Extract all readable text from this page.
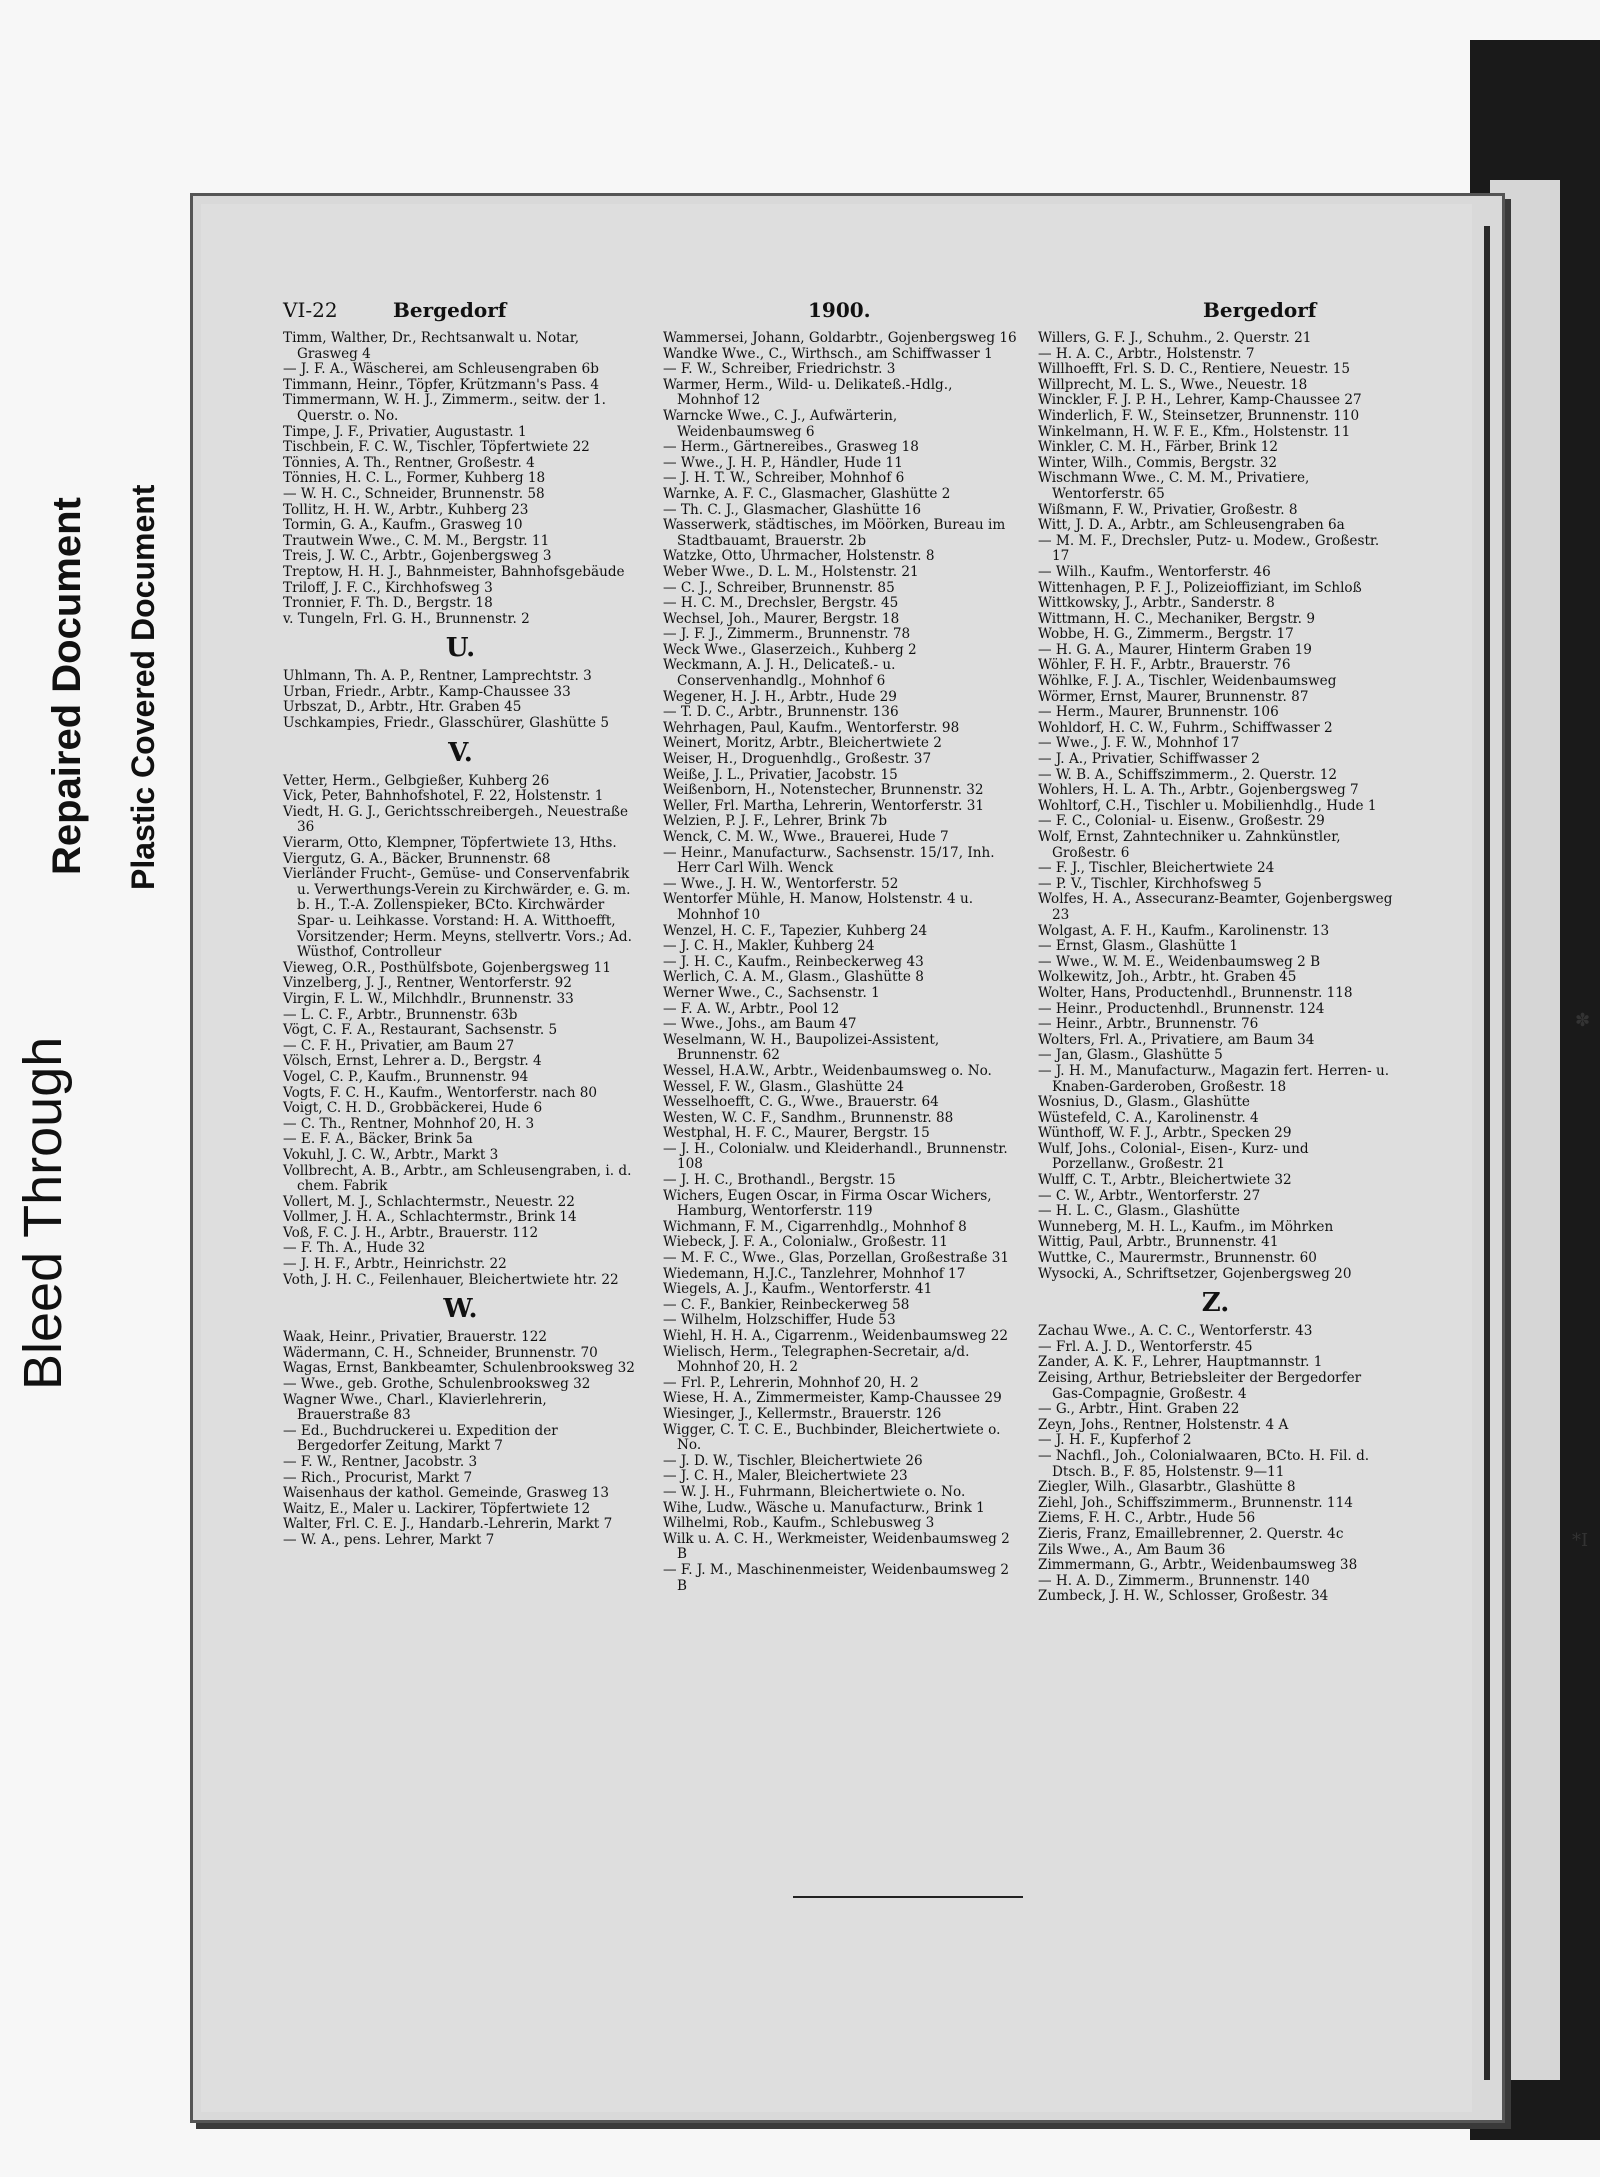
Bleed Through
Repaired Document Plastic Covered Document
✽
*I
VI-22	Bergedorf	1900.	Bergedorf

Timm, Walther, Dr., Rechtsanwalt u. Notar, Grasweg 4

— J. F. A., Wäscherei, am Schleusengraben 6b

Timmann, Heinr., Töpfer, Krützmann's Pass. 4

Timmermann, W. H. J., Zimmerm., seitw. der 1. Querstr. o. No.

Timpe, J. F., Privatier, Augustastr. 1

Tischbein, F. C. W., Tischler, Töpfertwiete 22

Tönnies, A. Th., Rentner, Großestr. 4

Tönnies, H. C. L., Former, Kuhberg 18

— W. H. C., Schneider, Brunnenstr. 58

Tollitz, H. H. W., Arbtr., Kuhberg 23

Tormin, G. A., Kaufm., Grasweg 10

Trautwein Wwe., C. M. M., Bergstr. 11

Treis, J. W. C., Arbtr., Gojenbergsweg 3

Treptow, H. H. J., Bahnmeister, Bahnhofsgebäude

Triloff, J. F. C., Kirchhofsweg 3

Tronnier, F. Th. D., Bergstr. 18

v. Tungeln, Frl. G. H., Brunnenstr. 2

U.

Uhlmann, Th. A. P., Rentner, Lamprechtstr. 3

Urban, Friedr., Arbtr., Kamp-Chaussee 33

Urbszat, D., Arbtr., Htr. Graben 45

Uschkampies, Friedr., Glasschürer, Glashütte 5

V.

Vetter, Herm., Gelbgießer, Kuhberg 26

Vick, Peter, Bahnhofshotel, F. 22, Holstenstr. 1

Viedt, H. G. J., Gerichtsschreibergeh., Neuestraße 36

Vierarm, Otto, Klempner, Töpfertwiete 13, Hths.

Viergutz, G. A., Bäcker, Brunnenstr. 68

Vierländer Frucht-, Gemüse- und Conservenfabrik u. Verwerthungs-Verein zu Kirchwärder, e. G. m. b. H., T.-A. Zollenspieker, BCto. Kirchwärder Spar- u. Leihkasse. Vorstand: H. A. Witthoefft, Vorsitzender; Herm. Meyns, stellvertr. Vors.; Ad. Wüsthof, Controlleur

Vieweg, O.R., Posthülfsbote, Gojenbergsweg 11

Vinzelberg, J. J., Rentner, Wentorferstr. 92

Virgin, F. L. W., Milchhdlr., Brunnenstr. 33

— L. C. F., Arbtr., Brunnenstr. 63b

Vögt, C. F. A., Restaurant, Sachsenstr. 5

— C. F. H., Privatier, am Baum 27

Völsch, Ernst, Lehrer a. D., Bergstr. 4

Vogel, C. P., Kaufm., Brunnenstr. 94

Vogts, F. C. H., Kaufm., Wentorferstr. nach 80

Voigt, C. H. D., Grobbäckerei, Hude 6

— C. Th., Rentner, Mohnhof 20, H. 3

— E. F. A., Bäcker, Brink 5a

Vokuhl, J. C. W., Arbtr., Markt 3

Vollbrecht, A. B., Arbtr., am Schleusengraben, i. d. chem. Fabrik

Vollert, M. J., Schlachtermstr., Neuestr. 22

Vollmer, J. H. A., Schlachtermstr., Brink 14

Voß, F. C. J. H., Arbtr., Brauerstr. 112

— F. Th. A., Hude 32

— J. H. F., Arbtr., Heinrichstr. 22

Voth, J. H. C., Feilenhauer, Bleichertwiete htr. 22

W.

Waak, Heinr., Privatier, Brauerstr. 122

Wädermann, C. H., Schneider, Brunnenstr. 70

Wagas, Ernst, Bankbeamter, Schulenbrooksweg 32

— Wwe., geb. Grothe, Schulenbrooksweg 32

Wagner Wwe., Charl., Klavierlehrerin, Brauerstraße 83

— Ed., Buchdruckerei u. Expedition der Bergedorfer Zeitung, Markt 7

— F. W., Rentner, Jacobstr. 3

— Rich., Procurist, Markt 7

Waisenhaus der kathol. Gemeinde, Grasweg 13

Waitz, E., Maler u. Lackirer, Töpfertwiete 12

Walter, Frl. C. E. J., Handarb.-Lehrerin, Markt 7

— W. A., pens. Lehrer, Markt 7

Wammersei, Johann, Goldarbtr., Gojenbergsweg 16

Wandke Wwe., C., Wirthsch., am Schiffwasser 1

— F. W., Schreiber, Friedrichstr. 3

Warmer, Herm., Wild- u. Delikateß.-Hdlg., Mohnhof 12

Warncke Wwe., C. J., Aufwärterin, Weidenbaumsweg 6

— Herm., Gärtnereibes., Grasweg 18

— Wwe., J. H. P., Händler, Hude 11

— J. H. T. W., Schreiber, Mohnhof 6

Warnke, A. F. C., Glasmacher, Glashütte 2

— Th. C. J., Glasmacher, Glashütte 16

Wasserwerk, städtisches, im Möörken, Bureau im Stadtbauamt, Brauerstr. 2b

Watzke, Otto, Uhrmacher, Holstenstr. 8

Weber Wwe., D. L. M., Holstenstr. 21

— C. J., Schreiber, Brunnenstr. 85

— H. C. M., Drechsler, Bergstr. 45

Wechsel, Joh., Maurer, Bergstr. 18

— J. F. J., Zimmerm., Brunnenstr. 78

Weck Wwe., Glaserzeich., Kuhberg 2

Weckmann, A. J. H., Delicateß.- u. Conservenhandlg., Mohnhof 6

Wegener, H. J. H., Arbtr., Hude 29

— T. D. C., Arbtr., Brunnenstr. 136

Wehrhagen, Paul, Kaufm., Wentorferstr. 98

Weinert, Moritz, Arbtr., Bleichertwiete 2

Weiser, H., Droguenhdlg., Großestr. 37

Weiße, J. L., Privatier, Jacobstr. 15

Weißenborn, H., Notenstecher, Brunnenstr. 32

Weller, Frl. Martha, Lehrerin, Wentorferstr. 31

Welzien, P. J. F., Lehrer, Brink 7b

Wenck, C. M. W., Wwe., Brauerei, Hude 7

— Heinr., Manufacturw., Sachsenstr. 15/17, Inh. Herr Carl Wilh. Wenck

— Wwe., J. H. W., Wentorferstr. 52

Wentorfer Mühle, H. Manow, Holstenstr. 4 u. Mohnhof 10

Wenzel, H. C. F., Tapezier, Kuhberg 24

— J. C. H., Makler, Kuhberg 24

— J. H. C., Kaufm., Reinbeckerweg 43

Werlich, C. A. M., Glasm., Glashütte 8

Werner Wwe., C., Sachsenstr. 1

— F. A. W., Arbtr., Pool 12

— Wwe., Johs., am Baum 47

Weselmann, W. H., Baupolizei-Assistent, Brunnenstr. 62

Wessel, H.A.W., Arbtr., Weidenbaumsweg o. No.

Wessel, F. W., Glasm., Glashütte 24

Wesselhoefft, C. G., Wwe., Brauerstr. 64

Westen, W. C. F., Sandhm., Brunnenstr. 88

Westphal, H. F. C., Maurer, Bergstr. 15

— J. H., Colonialw. und Kleiderhandl., Brunnenstr. 108

— J. H. C., Brothandl., Bergstr. 15

Wichers, Eugen Oscar, in Firma Oscar Wichers, Hamburg, Wentorferstr. 119

Wichmann, F. M., Cigarrenhdlg., Mohnhof 8

Wiebeck, J. F. A., Colonialw., Großestr. 11

— M. F. C., Wwe., Glas, Porzellan, Großestraße 31

Wiedemann, H.J.C., Tanzlehrer, Mohnhof 17

Wiegels, A. J., Kaufm., Wentorferstr. 41

— C. F., Bankier, Reinbeckerweg 58

— Wilhelm, Holzschiffer, Hude 53

Wiehl, H. H. A., Cigarrenm., Weidenbaumsweg 22

Wielisch, Herm., Telegraphen-Secretair, a/d. Mohnhof 20, H. 2

— Frl. P., Lehrerin, Mohnhof 20, H. 2

Wiese, H. A., Zimmermeister, Kamp-Chaussee 29

Wiesinger, J., Kellermstr., Brauerstr. 126

Wigger, C. T. C. E., Buchbinder, Bleichertwiete o. No.

— J. D. W., Tischler, Bleichertwiete 26

— J. C. H., Maler, Bleichertwiete 23

— W. J. H., Fuhrmann, Bleichertwiete o. No.

Wihe, Ludw., Wäsche u. Manufacturw., Brink 1

Wilhelmi, Rob., Kaufm., Schlebusweg 3

Wilk u. A. C. H., Werkmeister, Weidenbaumsweg 2 B

— F. J. M., Maschinenmeister, Weidenbaumsweg 2 B

Willers, G. F. J., Schuhm., 2. Querstr. 21

— H. A. C., Arbtr., Holstenstr. 7

Willhoefft, Frl. S. D. C., Rentiere, Neuestr. 15

Willprecht, M. L. S., Wwe., Neuestr. 18

Winckler, F. J. P. H., Lehrer, Kamp-Chaussee 27

Winderlich, F. W., Steinsetzer, Brunnenstr. 110

Winkelmann, H. W. F. E., Kfm., Holstenstr. 11

Winkler, C. M. H., Färber, Brink 12

Winter, Wilh., Commis, Bergstr. 32

Wischmann Wwe., C. M. M., Privatiere, Wentorferstr. 65

Wißmann, F. W., Privatier, Großestr. 8

Witt, J. D. A., Arbtr., am Schleusengraben 6a

— M. M. F., Drechsler, Putz- u. Modew., Großestr. 17

— Wilh., Kaufm., Wentorferstr. 46

Wittenhagen, P. F. J., Polizeioffiziant, im Schloß

Wittkowsky, J., Arbtr., Sanderstr. 8

Wittmann, H. C., Mechaniker, Bergstr. 9

Wobbe, H. G., Zimmerm., Bergstr. 17

— H. G. A., Maurer, Hinterm Graben 19

Wöhler, F. H. F., Arbtr., Brauerstr. 76

Wöhlke, F. J. A., Tischler, Weidenbaumsweg

Wörmer, Ernst, Maurer, Brunnenstr. 87

— Herm., Maurer, Brunnenstr. 106

Wohldorf, H. C. W., Fuhrm., Schiffwasser 2

— Wwe., J. F. W., Mohnhof 17

— J. A., Privatier, Schiffwasser 2

— W. B. A., Schiffszimmerm., 2. Querstr. 12

Wohlers, H. L. A. Th., Arbtr., Gojenbergsweg 7

Wohltorf, C.H., Tischler u. Mobilienhdlg., Hude 1

— F. C., Colonial- u. Eisenw., Großestr. 29

Wolf, Ernst, Zahntechniker u. Zahnkünstler, Großestr. 6

— F. J., Tischler, Bleichertwiete 24

— P. V., Tischler, Kirchhofsweg 5

Wolfes, H. A., Assecuranz-Beamter, Gojenbergsweg 23

Wolgast, A. F. H., Kaufm., Karolinenstr. 13

— Ernst, Glasm., Glashütte 1

— Wwe., W. M. E., Weidenbaumsweg 2 B

Wolkewitz, Joh., Arbtr., ht. Graben 45

Wolter, Hans, Productenhdl., Brunnenstr. 118

— Heinr., Productenhdl., Brunnenstr. 124

— Heinr., Arbtr., Brunnenstr. 76

Wolters, Frl. A., Privatiere, am Baum 34

— Jan, Glasm., Glashütte 5

— J. H. M., Manufacturw., Magazin fert. Herren- u. Knaben-Garderoben, Großestr. 18

Wosnius, D., Glasm., Glashütte

Wüstefeld, C. A., Karolinenstr. 4

Wünthoff, W. F. J., Arbtr., Specken 29

Wulf, Johs., Colonial-, Eisen-, Kurz- und Porzellanw., Großestr. 21

Wulff, C. T., Arbtr., Bleichertwiete 32

— C. W., Arbtr., Wentorferstr. 27

— H. L. C., Glasm., Glashütte

Wunneberg, M. H. L., Kaufm., im Möhrken

Wittig, Paul, Arbtr., Brunnenstr. 41

Wuttke, C., Maurermstr., Brunnenstr. 60

Wysocki, A., Schriftsetzer, Gojenbergsweg 20

Z.

Zachau Wwe., A. C. C., Wentorferstr. 43

— Frl. A. J. D., Wentorferstr. 45

Zander, A. K. F., Lehrer, Hauptmannstr. 1

Zeising, Arthur, Betriebsleiter der Bergedorfer Gas-Compagnie, Großestr. 4

— G., Arbtr., Hint. Graben 22

Zeyn, Johs., Rentner, Holstenstr. 4 A

— J. H. F., Kupferhof 2

— Nachfl., Joh., Colonialwaaren, BCto. H. Fil. d. Dtsch. B., F. 85, Holstenstr. 9—11

Ziegler, Wilh., Glasarbtr., Glashütte 8

Ziehl, Joh., Schiffszimmerm., Brunnenstr. 114

Ziems, F. H. C., Arbtr., Hude 56

Zieris, Franz, Emaillebrenner, 2. Querstr. 4c

Zils Wwe., A., Am Baum 36

Zimmermann, G., Arbtr., Weidenbaumsweg 38

— H. A. D., Zimmerm., Brunnenstr. 140

Zumbeck, J. H. W., Schlosser, Großestr. 34
